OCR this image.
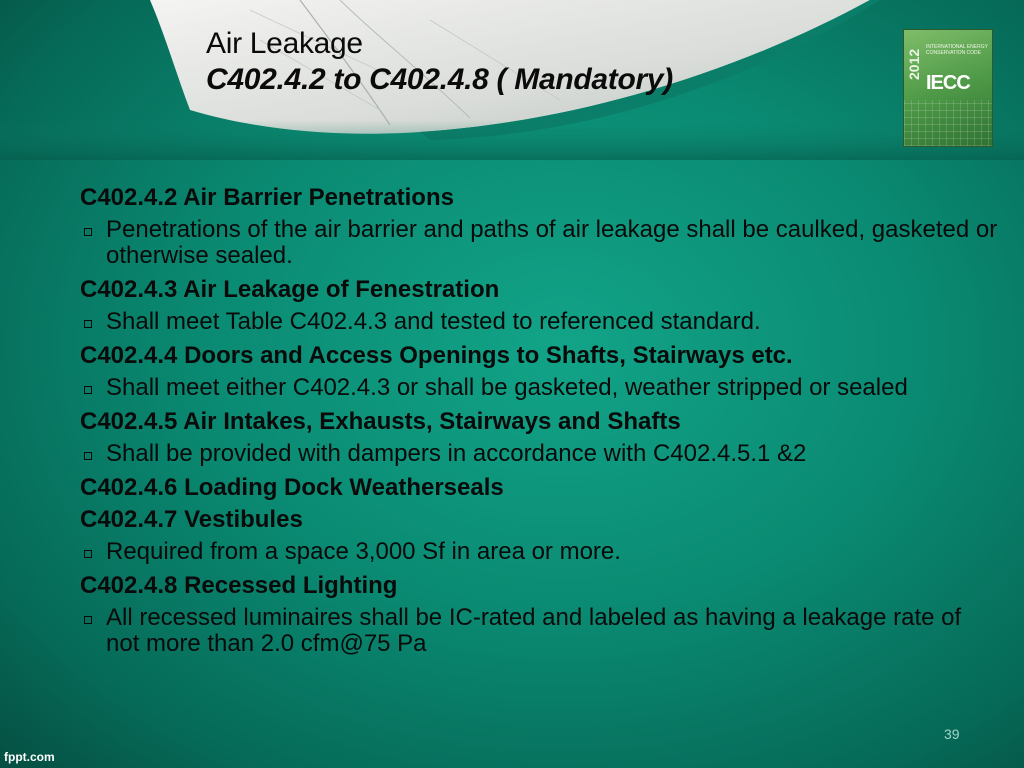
Air Leakage
C402.4.2 to C402.4.8 ( Mandatory)	2012
INTERNATIONAL ENERGY CONSERVATION CODE
IECC
C402.4.2 Air Barrier Penetrations
Penetrations of the air barrier and paths of air leakage shall be caulked, gasketed or otherwise sealed.
C402.4.3 Air Leakage of Fenestration
Shall meet Table C402.4.3 and tested to referenced standard.
C402.4.4 Doors and Access Openings to Shafts, Stairways etc.
Shall meet either C402.4.3 or shall be gasketed, weather stripped or sealed
C402.4.5 Air Intakes, Exhausts, Stairways and Shafts
Shall be provided with dampers in accordance with C402.4.5.1 &2
C402.4.6 Loading Dock Weatherseals
C402.4.7 Vestibules
Required from a space 3,000 Sf in area or more.
C402.4.8 Recessed Lighting
All recessed luminaires shall be IC-rated and labeled as having a leakage rate of not more than 2.0 cfm@75 Pa
39
fppt.com
